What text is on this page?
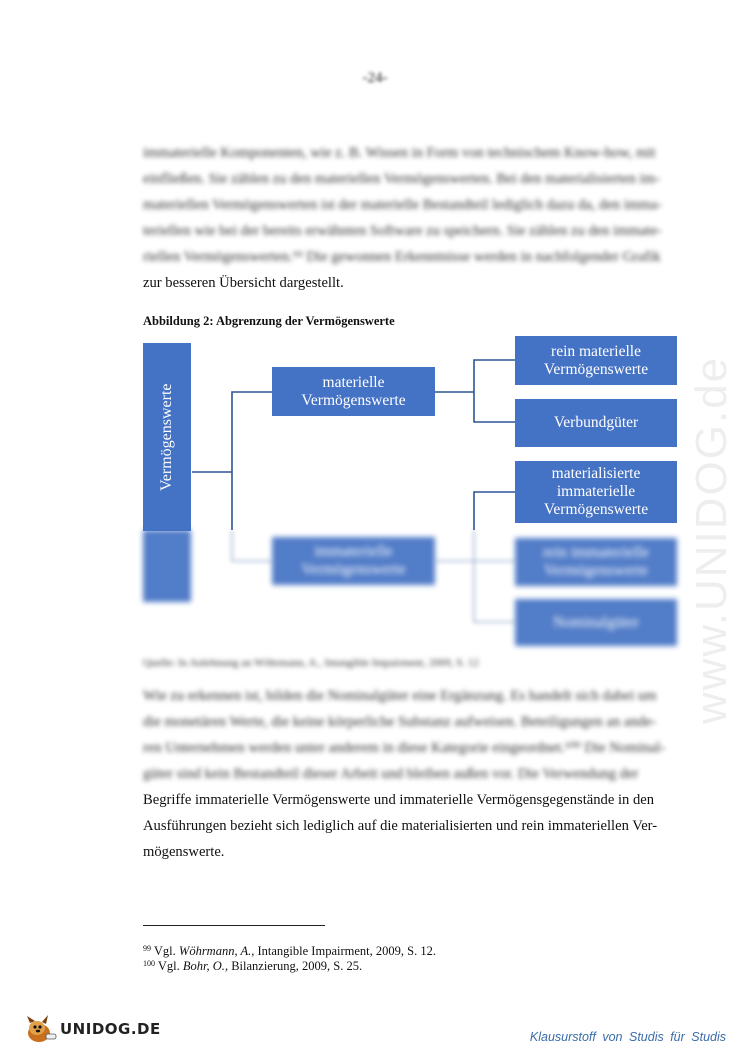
-24-
www.UNIDOG.de
immaterielle Komponenten, wie z. B. Wissen in Form von technischem Know-how, mit
einfließen. Sie zählen zu den materiellen Vermögenswerten. Bei den materialisierten im-
materiellen Vermögenswerten ist der materielle Bestandteil lediglich dazu da, den imma-
teriellen wie bei der bereits erwähnten Software zu speichern. Sie zählen zu den immate-
riellen Vermögenswerten.⁹⁹ Die gewonnen Erkenntnisse werden in nachfolgender Grafik
zur besseren Übersicht dargestellt.
Abbildung 2: Abgrenzung der Vermögenswerte
Vermögenswerte
materielle Vermögenswerte
immaterielle Vermögenswerte
rein materielle Vermögenswerte
Verbundgüter
materialisierte immaterielle Vermögenswerte
rein immaterielle Vermögenswerte
Nominalgüter
Quelle: In Anlehnung an Wöhrmann, A., Intangible Impairment, 2009, S. 12
Wie zu erkennen ist, bilden die Nominalgüter eine Ergänzung. Es handelt sich dabei um
die monetären Werte, die keine körperliche Substanz aufweisen. Beteiligungen an ande-
ren Unternehmen werden unter anderem in diese Kategorie eingeordnet.¹⁰⁰ Die Nominal-
güter sind kein Bestandteil dieser Arbeit und bleiben außen vor. Die Verwendung der
Begriffe immaterielle Vermögenswerte und immaterielle Vermögensgegenstände in den
Ausführungen bezieht sich lediglich auf die materialisierten und rein immateriellen Ver-
mögenswerte.
$^{99}$ Vgl. Wöhrmann, A., Intangible Impairment, 2009, S. 12.
$^{100}$ Vgl. Bohr, O., Bilanzierung, 2009, S. 25.
UNIDOG.DE	Klausurstoff von Studis für Studis
